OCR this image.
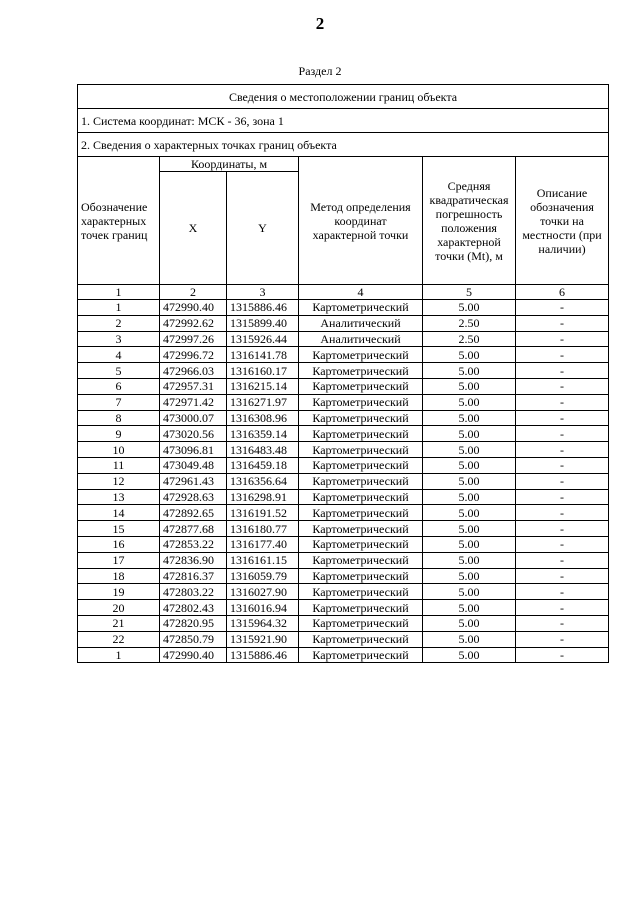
2
Раздел 2
Сведения о местоположении границ объекта					
1. Система координат: МСК - 36, зона 1					
2. Сведения о характерных точках границ объекта					
Обозначение характерных точек границ	Координаты, м		Метод определения координат характерной точки	Средняя квадратическая погрешность положения характерной точки (Mt), м	Описание обозначения точки на местности (при наличии)
	X	Y			
1	2	3	4	5	6
1	472990.40	1315886.46	Картометрический	5.00	-
2	472992.62	1315899.40	Аналитический	2.50	-
3	472997.26	1315926.44	Аналитический	2.50	-
4	472996.72	1316141.78	Картометрический	5.00	-
5	472966.03	1316160.17	Картометрический	5.00	-
6	472957.31	1316215.14	Картометрический	5.00	-
7	472971.42	1316271.97	Картометрический	5.00	-
8	473000.07	1316308.96	Картометрический	5.00	-
9	473020.56	1316359.14	Картометрический	5.00	-
10	473096.81	1316483.48	Картометрический	5.00	-
11	473049.48	1316459.18	Картометрический	5.00	-
12	472961.43	1316356.64	Картометрический	5.00	-
13	472928.63	1316298.91	Картометрический	5.00	-
14	472892.65	1316191.52	Картометрический	5.00	-
15	472877.68	1316180.77	Картометрический	5.00	-
16	472853.22	1316177.40	Картометрический	5.00	-
17	472836.90	1316161.15	Картометрический	5.00	-
18	472816.37	1316059.79	Картометрический	5.00	-
19	472803.22	1316027.90	Картометрический	5.00	-
20	472802.43	1316016.94	Картометрический	5.00	-
21	472820.95	1315964.32	Картометрический	5.00	-
22	472850.79	1315921.90	Картометрический	5.00	-
1	472990.40	1315886.46	Картометрический	5.00	-
